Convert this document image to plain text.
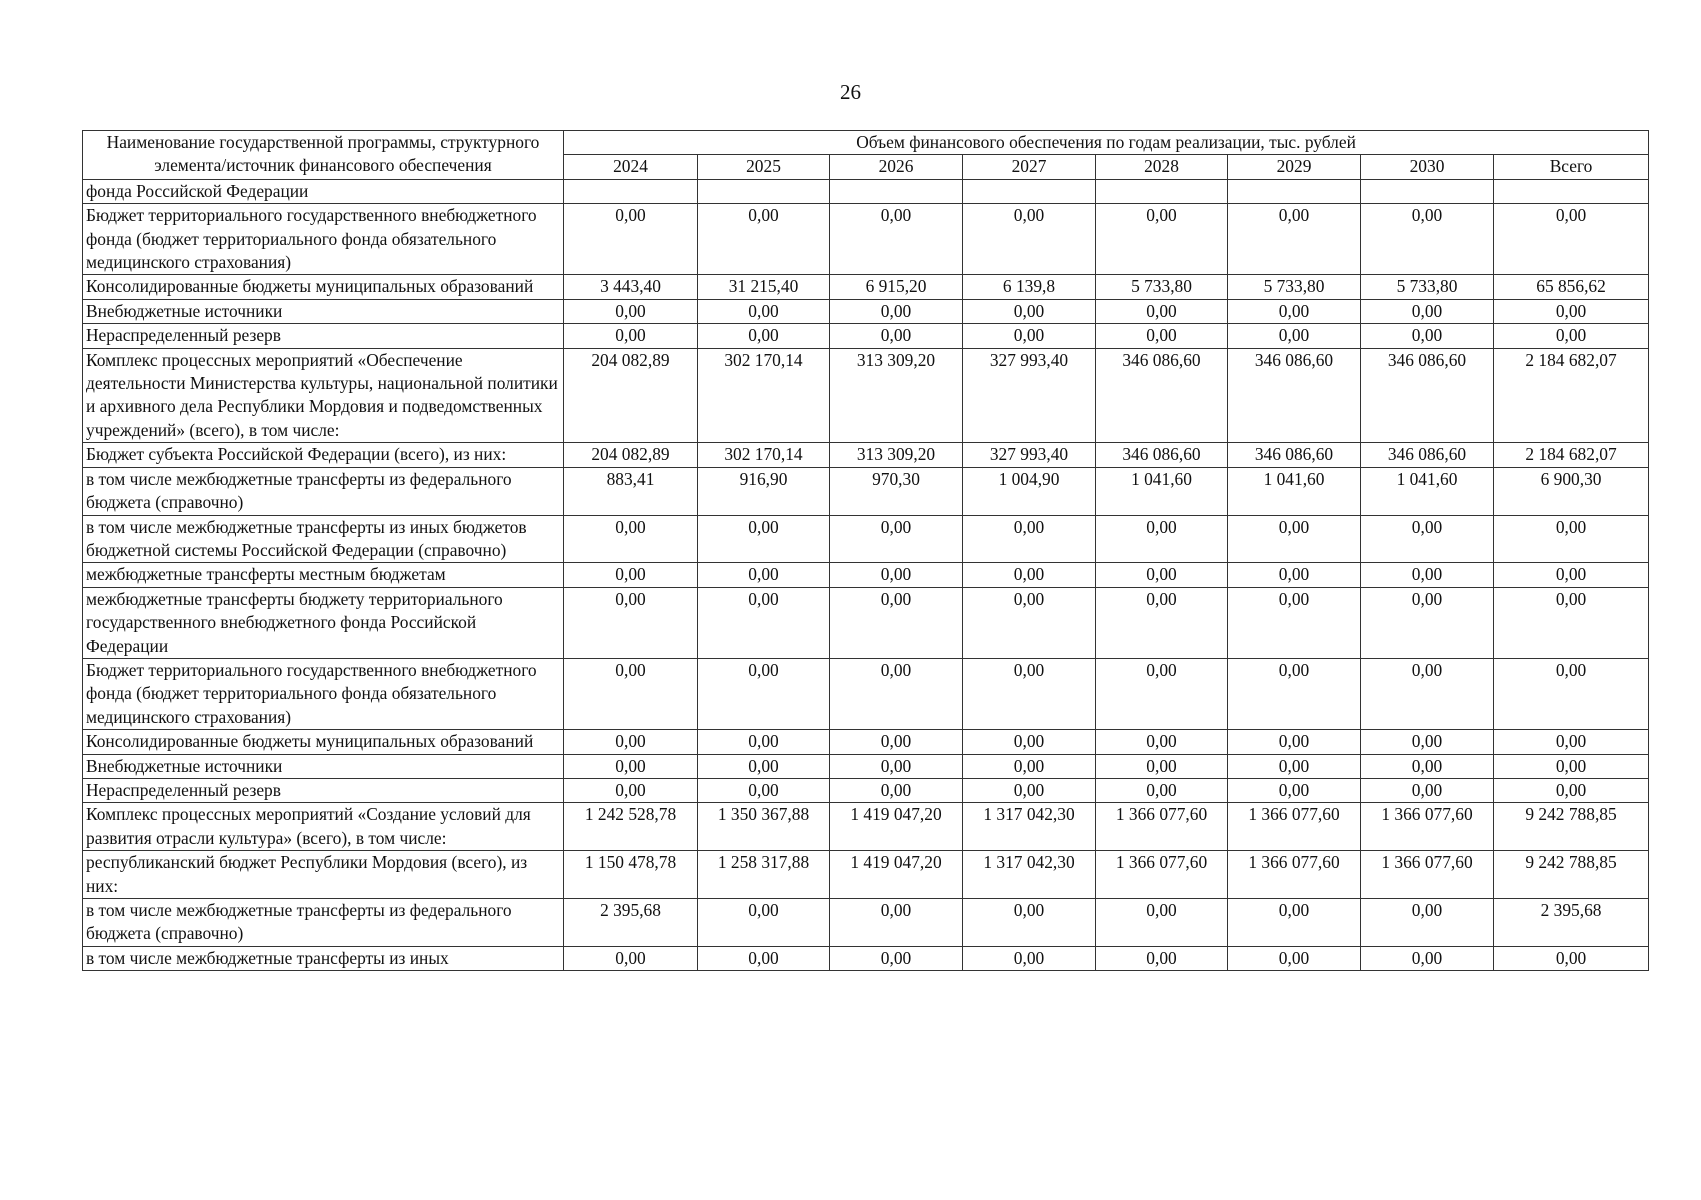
26
Наименование государственной программы, структурного элемента/источник финансового обеспечения	Объем финансового обеспечения по годам реализации, тыс. рублей							
	2024	2025	2026	2027	2028	2029	2030	Всего
фонда Российской Федерации								
Бюджет территориального государственного внебюджетного фонда (бюджет территориального фонда обязательного медицинского страхования)	0,00	0,00	0,00	0,00	0,00	0,00	0,00	0,00
Консолидированные бюджеты муниципальных образований	3 443,40	31 215,40	6 915,20	6 139,8	5 733,80	5 733,80	5 733,80	65 856,62
Внебюджетные источники	0,00	0,00	0,00	0,00	0,00	0,00	0,00	0,00
Нераспределенный резерв	0,00	0,00	0,00	0,00	0,00	0,00	0,00	0,00
Комплекс процессных мероприятий «Обеспечение деятельности Министерства культуры, национальной политики и архивного дела Республики Мордовия и подведомственных учреждений» (всего), в том числе:	204 082,89	302 170,14	313 309,20	327 993,40	346 086,60	346 086,60	346 086,60	2 184 682,07
Бюджет субъекта Российской Федерации (всего), из них:	204 082,89	302 170,14	313 309,20	327 993,40	346 086,60	346 086,60	346 086,60	2 184 682,07
в том числе межбюджетные трансферты из федерального бюджета (справочно)	883,41	916,90	970,30	1 004,90	1 041,60	1 041,60	1 041,60	6 900,30
в том числе межбюджетные трансферты из иных бюджетов бюджетной системы Российской Федерации (справочно)	0,00	0,00	0,00	0,00	0,00	0,00	0,00	0,00
межбюджетные трансферты местным бюджетам	0,00	0,00	0,00	0,00	0,00	0,00	0,00	0,00
межбюджетные трансферты бюджету территориального государственного внебюджетного фонда Российской Федерации	0,00	0,00	0,00	0,00	0,00	0,00	0,00	0,00
Бюджет территориального государственного внебюджетного фонда (бюджет территориального фонда обязательного медицинского страхования)	0,00	0,00	0,00	0,00	0,00	0,00	0,00	0,00
Консолидированные бюджеты муниципальных образований	0,00	0,00	0,00	0,00	0,00	0,00	0,00	0,00
Внебюджетные источники	0,00	0,00	0,00	0,00	0,00	0,00	0,00	0,00
Нераспределенный резерв	0,00	0,00	0,00	0,00	0,00	0,00	0,00	0,00
Комплекс процессных мероприятий «Создание условий для развития отрасли культура» (всего), в том числе:	1 242 528,78	1 350 367,88	1 419 047,20	1 317 042,30	1 366 077,60	1 366 077,60	1 366 077,60	9 242 788,85
республиканский бюджет Республики Мордовия (всего), из них:	1 150 478,78	1 258 317,88	1 419 047,20	1 317 042,30	1 366 077,60	1 366 077,60	1 366 077,60	9 242 788,85
в том числе межбюджетные трансферты из федерального бюджета (справочно)	2 395,68	0,00	0,00	0,00	0,00	0,00	0,00	2 395,68
в том числе межбюджетные трансферты из иных	0,00	0,00	0,00	0,00	0,00	0,00	0,00	0,00
